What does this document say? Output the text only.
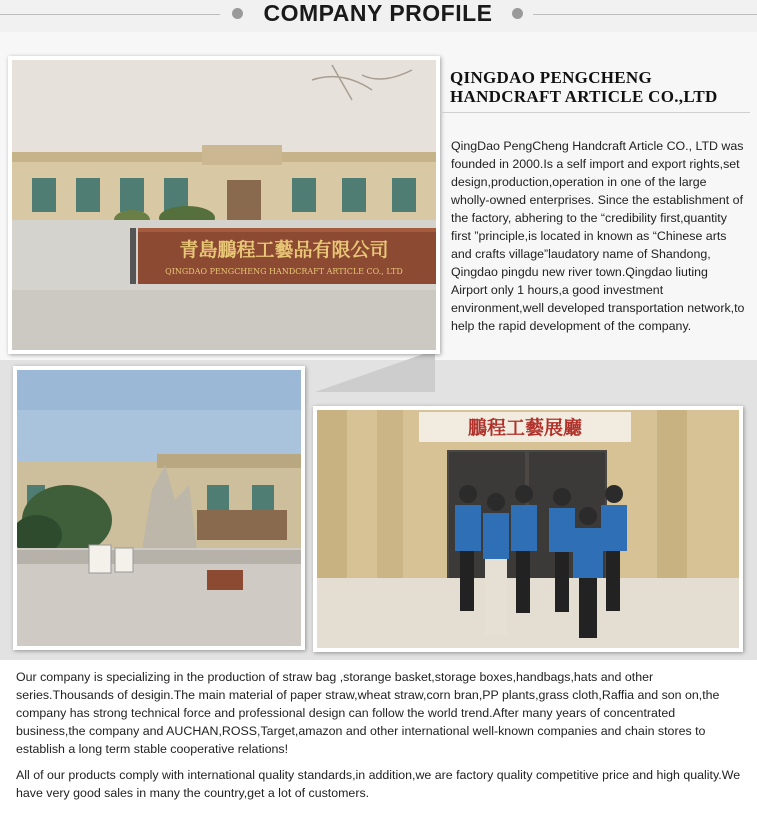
COMPANY PROFILE
青島鵬程工藝品有限公司
QINGDAO PENGCHENG HANDCRAFT ARTICLE CO., LTD
QINGDAO PENGCHENG
HANDCRAFT ARTICLE CO.,LTD
QingDao PengCheng Handcraft Article CO., LTD was founded in 2000.Is a self import and export rights,set design,production,operation in one of the large wholly-owned enterprises. Since the establishment of the factory, abhering to the “credibility first,quantity first ”principle,is located in known as “Chinese arts and crafts village”laudatory name of Shandong, Qingdao pingdu new river town.Qingdao liuting Airport only 1 hours,a good investment environment,well developed transportation network,to help the rapid development of the company.
鵬程工藝展廳
Our company is specializing in the production of straw bag ,storange basket,storage boxes,handbags,hats and other series.Thousands of desigin.The main material of paper straw,wheat straw,corn bran,PP plants,grass cloth,Raffia and son on,the company has strong technical force and professional design can follow the world trend.After many years of concentrated business,the company and AUCHAN,ROSS,Target,amazon and other international well-known companies and chain stores to establish a long term stable cooperative relations!
All of our products comply with international quality standards,in addition,we are factory quality competitive price and high quality.We have very good sales in many the country,get a lot of customers.
